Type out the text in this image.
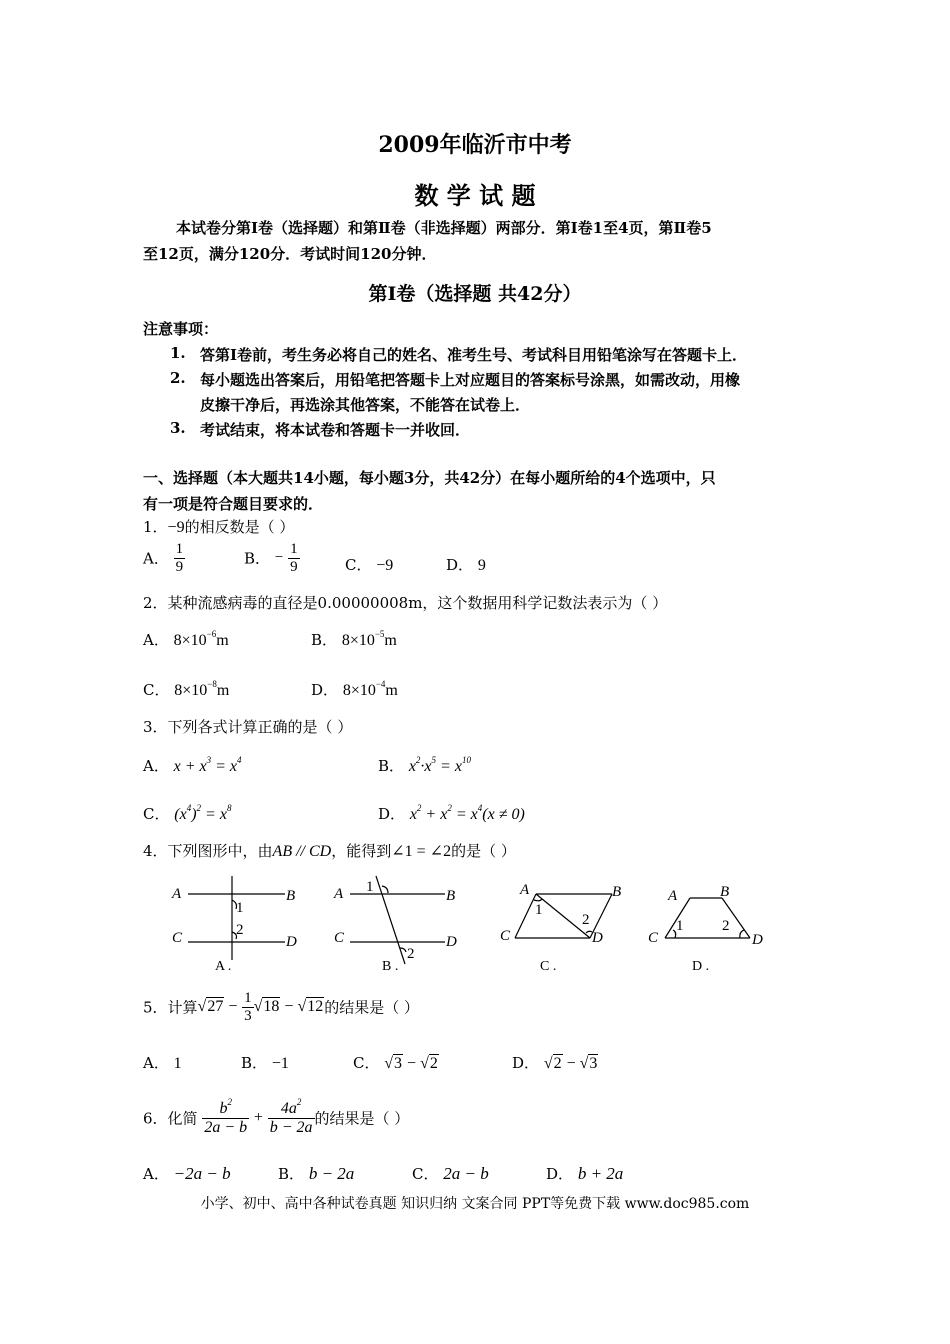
2009年临沂市中考
数 学 试 题
本试卷分第Ⅰ卷（选择题）和第Ⅱ卷（非选择题）两部分．第Ⅰ卷1至4页，第Ⅱ卷5
至12页，满分120分．考试时间120分钟．
第Ⅰ卷（选择题 共42分）
注意事项：
1. 答第Ⅰ卷前，考生务必将自己的姓名、准考生号、考试科目用铅笔涂写在答题卡上．
2. 每小题选出答案后，用铅笔把答题卡上对应题目的答案标号涂黑，如需改动，用橡
皮擦干净后，再选涂其他答案，不能答在试卷上．
3. 考试结束，将本试卷和答题卡一并收回．
一、选择题（本大题共14小题，每小题3分，共42分）在每小题所给的4个选项中，只
有一项是符合题目要求的．
1．−9的相反数是（ ）
A． $\frac{1}{9}$	B． − $\frac{1}{9}$	C． −9	D． 9
2．某种流感病毒的直径是0.00000008m，这个数据用科学记数法表示为（ ）
A． $8\times 10^{-6}m$	B． $8\times 10^{-5}m$
C． $8\times 10^{-8}m$	D． $8\times 10^{-4}m$
3．下列各式计算正确的是（ ）
A． $x + x^3 = x^4$	B． $x^2\cdot x^5 = x^{10}$
C． $(x^4)^2 = x^8$	D． $x^2 + x^2 = x^4(x \ne 0)$
4．下列图形中，由AB // CD，能得到∠1 = ∠2的是（ ）
A	B
C	D
1
2
A .
A	B
C	D
1
2
B .
A	B
C	D
1
2
C .
A	B
C	D
1	2
D .
5．计算$√27 - \frac{1}{3} √18 - √12$的结果是（ ）
A． 1	B． −1	C． √3 − √2	D． √2 − √3
6．化简 $\frac{b^2}{2a - b} + \frac{4a^2}{b - 2a}$ 的结果是（ ）
A． −2a − b	B． b − 2a	C． 2a − b	D． b + 2a
小学、初中、高中各种试卷真题 知识归纳 文案合同 PPT等免费下载 www.doc985.com
